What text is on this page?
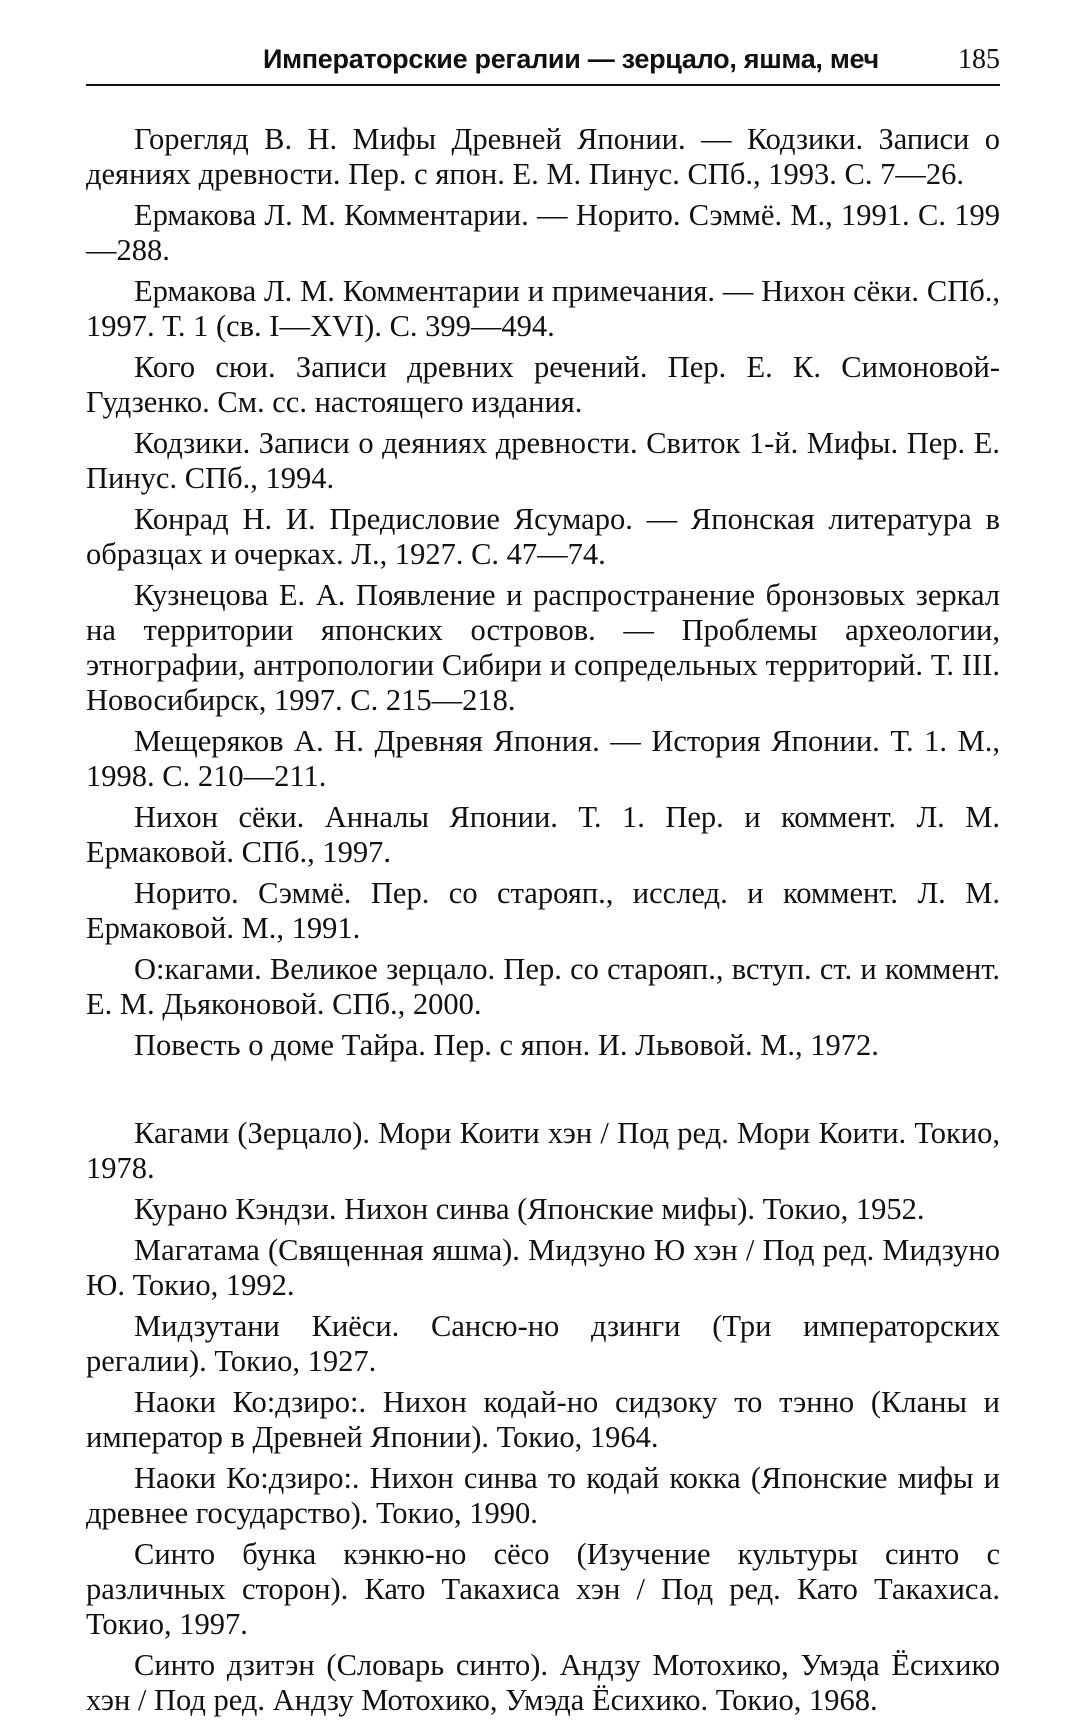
Императорские регалии — зерцало, яшма, меч	185

Горегляд В. Н. Мифы Древней Японии. — Кодзики. Записи о деяниях древности. Пер. с япон. Е. М. Пинус. СПб., 1993. С. 7—26.

Ермакова Л. М. Комментарии. — Норито. Сэммё. М., 1991. С. 199—288.

Ермакова Л. М. Комментарии и примечания. — Нихон сёки. СПб., 1997. Т. 1 (св. I—XVI). С. 399—494.

Кого сюи. Записи древних речений. Пер. Е. К. Симоновой-Гудзенко. См. сс. настоящего издания.

Кодзики. Записи о деяниях древности. Свиток 1-й. Мифы. Пер. Е. Пинус. СПб., 1994.

Конрад Н. И. Предисловие Ясумаро. — Японская литература в образцах и очерках. Л., 1927. С. 47—74.

Кузнецова Е. А. Появление и распространение бронзовых зеркал на территории японских островов. — Проблемы археологии, этнографии, антропологии Сибири и сопредельных территорий. Т. III. Новосибирск, 1997. С. 215—218.

Мещеряков А. Н. Древняя Япония. — История Японии. Т. 1. М., 1998. С. 210—211.

Нихон сёки. Анналы Японии. Т. 1. Пер. и коммент. Л. М. Ермаковой. СПб., 1997.

Норито. Сэммё. Пер. со старояп., исслед. и коммент. Л. М. Ермаковой. М., 1991.

О:кагами. Великое зерцало. Пер. со старояп., вступ. ст. и коммент. Е. М. Дьяконовой. СПб., 2000.

Повесть о доме Тайра. Пер. с япон. И. Львовой. М., 1972.

Кагами (Зерцало). Мори Коити хэн / Под ред. Мори Коити. Токио, 1978.

Курано Кэндзи. Нихон синва (Японские мифы). Токио, 1952.

Магатама (Священная яшма). Мидзуно Ю хэн / Под ред. Мидзуно Ю. Токио, 1992.

Мидзутани Киёси. Сансю-но дзинги (Три императорских регалии). Токио, 1927.

Наоки Ко:дзиро:. Нихон кодай-но сидзоку то тэнно (Кланы и император в Древней Японии). Токио, 1964.

Наоки Ко:дзиро:. Нихон синва то кодай кокка (Японские мифы и древнее государство). Токио, 1990.

Синто бунка кэнкю-но сёсо (Изучение культуры синто с различных сторон). Като Такахиса хэн / Под ред. Като Такахиса. Токио, 1997.

Синто дзитэн (Словарь синто). Андзу Мотохико, Умэда Ёсихико хэн / Под ред. Андзу Мотохико, Умэда Ёсихико. Токио, 1968.
